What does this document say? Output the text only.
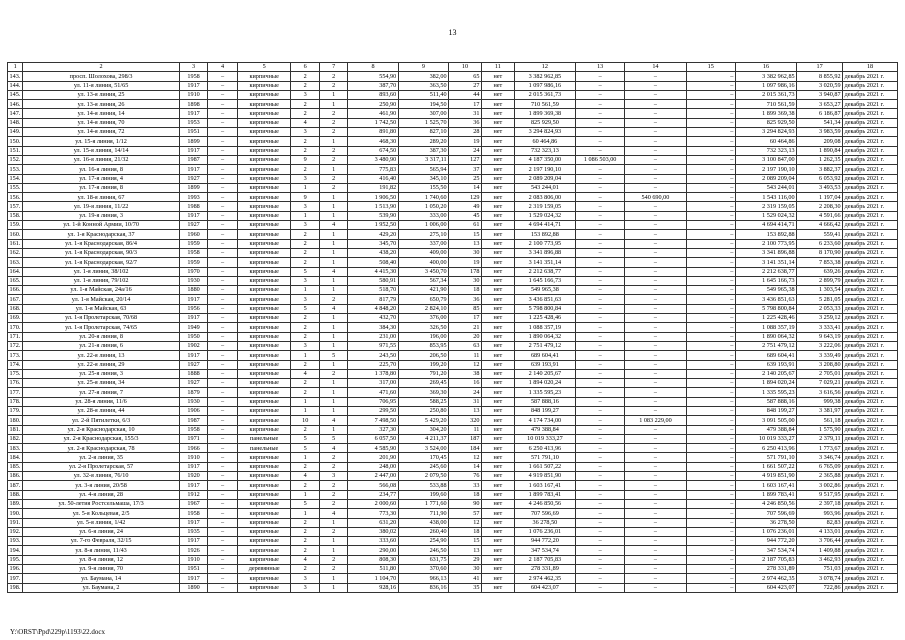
13
1	2	3	4	5	6	7	8	9	10	11	12	13	14	15	16	17	18
143.	просп. Шолохова, 298/3	1958	–	кирпичные	2	2	554,90	382,00	65	нет	3 382 962,85	–	–	–	3 382 962,85	8 855,92	декабрь 2021 г.
144.	ул. 11-я линия, 51/65	1917	–	кирпичные	2	2	387,70	363,50	27	нет	1 097 986,16	–	–	–	1 097 986,16	3 020,59	декабрь 2021 г.
145.	ул. 13-я линия, 25	1910	–	кирпичные	3	1	893,60	511,40	44	нет	2 015 361,73	–	–	–	2 015 361,73	3 940,87	декабрь 2021 г.
146.	ул. 13-я линия, 26	1898	–	кирпичные	2	1	250,90	194,50	17	нет	710 561,59	–	–	–	710 561,59	3 653,27	декабрь 2021 г.
147.	ул. 14-я линия, 14	1917	–	кирпичные	2	2	461,90	307,00	31	нет	1 899 369,38	–	–	–	1 899 369,38	6 186,87	декабрь 2021 г.
148.	ул. 14-я линия, 70	1953	–	кирпичные	4	2	1 742,50	1 525,70	36	нет	825 929,50	–	–	–	825 929,50	541,34	декабрь 2021 г.
149.	ул. 14-я линия, 72	1951	–	кирпичные	3	2	891,80	827,10	28	нет	3 294 824,93	–	–	–	3 294 824,93	3 983,59	декабрь 2021 г.
150.	ул. 15-я линия, 1/12	1899	–	кирпичные	2	1	468,30	289,20	19	нет	60 464,86	–	–	–	60 464,86	209,08	декабрь 2021 г.
151.	ул. 15-я линия, 14/14	1917	–	кирпичные	2	2	674,50	387,30	24	нет	732 323,13	–	–	–	732 323,13	1 890,84	декабрь 2021 г.
152.	ул. 16-я линия, 21/32	1987	–	кирпичные	9	2	3 480,90	3 317,11	127	нет	4 187 350,00	1 086 503,00	–	–	3 100 847,00	1 262,35	декабрь 2021 г.
153.	ул. 16-я линия, 8	1917	–	кирпичные	2	1	775,83	565,94	37	нет	2 197 190,10	–	–	–	2 197 190,10	3 882,37	декабрь 2021 г.
154.	ул. 17-я линия, 4	1927	–	кирпичные	3	2	416,40	345,10	25	нет	2 089 209,04	–	–	–	2 089 209,04	6 053,92	декабрь 2021 г.
155.	ул. 17-я линия, 8	1899	–	кирпичные	1	2	191,82	155,50	14	нет	543 244,01	–	–	–	543 244,01	3 493,53	декабрь 2021 г.
156.	ул. 18-я линия, 67	1993	–	кирпичные	9	1	1 906,50	1 740,60	129	нет	2 083 806,00	–	540 690,00	–	1 543 116,00	1 197,04	декабрь 2021 г.
157.	ул. 19-я линия, 11/22	1988	–	кирпичные	3	1	1 513,90	1 050,20	49	нет	2 319 159,05	–	–	–	2 319 159,05	2 208,30	декабрь 2021 г.
158.	ул. 19-я линия, 3	1917	–	кирпичные	1	1	539,90	333,00	45	нет	1 529 024,32	–	–	–	1 529 024,32	4 591,66	декабрь 2021 г.
159.	ул. 1-й Конной Армии, 10/70	1927	–	кирпичные	3	4	1 952,50	1 006,00	61	нет	4 694 414,71	–	–	–	4 694 414,71	4 666,42	декабрь 2021 г.
160.	ул. 1-я Краснодарская, 37	1960	–	кирпичные	2	1	429,20	275,10	15	нет	153 892,88	–	–	–	153 892,88	559,41	декабрь 2021 г.
161.	ул. 1-я Краснодарская, 86/4	1959	–	кирпичные	2	1	345,70	337,00	13	нет	2 100 773,95	–	–	–	2 100 773,95	6 233,60	декабрь 2021 г.
162.	ул. 1-я Краснодарская, 90/3	1958	–	кирпичные	2	1	438,20	409,00	30	нет	3 341 896,88	–	–	–	3 341 896,88	8 170,90	декабрь 2021 г.
163.	ул. 1-я Краснодарская, 92/7	1959	–	кирпичные	2	1	508,40	400,00	19	нет	3 141 351,14	–	–	–	3 141 351,14	7 853,38	декабрь 2021 г.
164.	ул. 1-я линия, 38/102	1970	–	кирпичные	5	4	4 415,30	3 450,70	178	нет	2 212 638,77	–	–	–	2 212 638,77	639,26	декабрь 2021 г.
165.	ул. 1-я линия, 79/102	1930	–	кирпичные	3	1	580,91	567,34	30	нет	1 645 166,73	–	–	–	1 645 166,73	2 899,79	декабрь 2021 г.
166.	ул. 1-я Майская, 24а/16	1880	–	кирпичные	1	1	518,70	421,90	18	нет	549 965,38	–	–	–	549 965,38	1 303,54	декабрь 2021 г.
167.	ул. 1-я Майская, 20/14	1917	–	кирпичные	3	2	817,79	650,79	36	нет	3 436 851,63	–	–	–	3 436 851,63	5 281,05	декабрь 2021 г.
168.	ул. 1-я Майская, 63	1956	–	кирпичные	5	4	4 848,20	2 824,10	85	нет	5 798 800,84	–	–	–	5 798 800,84	2 053,33	декабрь 2021 г.
169.	ул. 1-я Пролетарская, 70/68	1917	–	кирпичные	2	1	432,70	376,00	17	нет	1 225 428,46	–	–	–	1 225 428,46	3 259,12	декабрь 2021 г.
170.	ул. 1-я Пролетарская, 74/65	1949	–	кирпичные	2	1	384,30	326,50	21	нет	1 088 357,19	–	–	–	1 088 357,19	3 333,41	декабрь 2021 г.
171.	ул. 20-я линия, 8	1950	–	кирпичные	2	1	231,00	196,00	20	нет	1 890 064,32	–	–	–	1 890 064,32	9 643,19	декабрь 2021 г.
172.	ул. 21-я линия, 6	1902	–	кирпичные	3	1	971,55	853,95	63	нет	2 751 479,12	–	–	–	2 751 479,12	3 222,06	декабрь 2021 г.
173.	ул. 22-я линия, 13	1917	–	кирпичные	1	5	243,50	206,50	11	нет	689 604,41	–	–	–	689 604,41	3 339,49	декабрь 2021 г.
174.	ул. 22-я линия, 29	1927	–	кирпичные	2	1	225,70	199,20	12	нет	639 193,91	–	–	–	639 193,91	3 208,80	декабрь 2021 г.
175.	ул. 25-я линия, 3	1888	–	кирпичные	4	2	1 378,80	791,20	38	нет	2 140 205,67	–	–	–	2 140 205,67	2 705,01	декабрь 2021 г.
176.	ул. 25-я линия, 34	1927	–	кирпичные	2	1	317,00	269,45	16	нет	1 894 020,24	–	–	–	1 894 020,24	7 029,21	декабрь 2021 г.
177.	ул. 27-я линия, 7	1879	–	кирпичные	2	1	471,60	369,30	24	нет	1 335 595,23	–	–	–	1 335 595,23	3 616,56	декабрь 2021 г.
178.	ул. 28-я линия, 11/6	1930	–	кирпичные	1	1	706,95	588,25	31	нет	587 888,16	–	–	–	587 888,16	999,38	декабрь 2021 г.
179.	ул. 28-я линия, 44	1906	–	кирпичные	1	1	299,50	250,80	13	нет	848 199,27	–	–	–	848 199,27	3 381,97	декабрь 2021 г.
180.	ул. 2-й Пятилетки, 6/3	1987	–	кирпичные	10	4	7 498,50	5 429,20	320	нет	4 174 734,00	–	1 083 229,00	–	3 091 505,00	561,18	декабрь 2021 г.
181.	ул. 2-я Краснодарская, 10	1958	–	кирпичные	2	1	327,30	304,20	11	нет	479 388,84	–	–	–	479 388,84	1 575,90	декабрь 2021 г.
182.	ул. 2-я Краснодарская, 155/3	1971	–	панельные	5	5	6 057,50	4 211,37	187	нет	10 019 333,27	–	–	–	10 019 333,27	2 379,11	декабрь 2021 г.
183.	ул. 2-я Краснодарская, 78	1966	–	панельные	5	4	4 585,90	3 524,00	184	нет	6 250 413,96	–	–	–	6 250 413,96	1 773,67	декабрь 2021 г.
184.	ул. 2-я линия, 35	1910	–	кирпичные	1	2	201,90	170,45	12	нет	571 791,10	–	–	–	571 791,10	3 346,74	декабрь 2021 г.
185.	ул. 2-я Пролетарская, 57	1917	–	кирпичные	2	2	248,00	245,60	14	нет	1 661 507,22	–	–	–	1 661 507,22	6 765,09	декабрь 2021 г.
186.	ул. 32-я линия, 76/10	1920	–	кирпичные	4	3	2 447,00	2 079,50	76	нет	4 919 851,90	–	–	–	4 919 851,90	2 365,88	декабрь 2021 г.
187.	ул. 3-я линия, 20/58	1917	–	кирпичные	2	2	566,08	533,88	33	нет	1 603 167,41	–	–	–	1 603 167,41	3 002,86	декабрь 2021 г.
188.	ул. 4-я линия, 28	1912	–	кирпичные	1	2	234,77	199,60	18	нет	1 899 783,41	–	–	–	1 899 783,41	9 517,95	декабрь 2021 г.
189.	ул. 50-летия Ростсельмаша, 17/3	1967	–	кирпичные	5	2	2 000,60	1 771,60	90	нет	4 246 850,56	–	–	–	4 246 850,56	2 397,18	декабрь 2021 г.
190.	ул. 5-я Кольцевая, 2/5	1958	–	кирпичные	1	4	773,30	711,90	57	нет	707 596,69	–	–	–	707 596,69	993,96	декабрь 2021 г.
191.	ул. 5-я линия, 1/42	1917	–	кирпичные	2	1	631,20	438,00	12	нет	36 278,50	–	–	–	36 278,50	82,83	декабрь 2021 г.
192.	ул. 6-я линия, 24	1935	–	кирпичные	2	2	380,02	260,40	18	нет	1 076 236,01	–	–	–	1 076 236,01	4 133,01	декабрь 2021 г.
193.	ул. 7-го Февраля, 32/15	1917	–	кирпичные	2	1	333,60	254,90	15	нет	944 772,20	–	–	–	944 772,20	3 706,44	декабрь 2021 г.
194.	ул. 8-я линия, 11/43	1926	–	кирпичные	2	1	290,00	246,50	13	нет	347 534,74	–	–	–	347 534,74	1 409,88	декабрь 2021 г.
195.	ул. 8-я линия, 12	1910	–	кирпичные	4	2	808,30	631,75	29	нет	2 187 705,83	–	–	–	2 187 705,83	3 462,93	декабрь 2021 г.
196.	ул. 9-я линия, 70	1951	–	деревянные	2	2	511,80	370,60	30	нет	278 331,89	–	–	–	278 331,89	751,03	декабрь 2021 г.
197.	ул. Баумана, 14	1917	–	кирпичные	3	1	1 104,70	966,13	41	нет	2 974 462,35	–	–	–	2 974 462,35	3 078,74	декабрь 2021 г.
198.	ул. Баумана, 2	1890	–	кирпичные	3	1	928,16	836,16	35	нет	604 423,07	–	–	–	604 423,07	722,86	декабрь 2021 г.
Y:\ORST\Ppd\229p\1193\22.docx
